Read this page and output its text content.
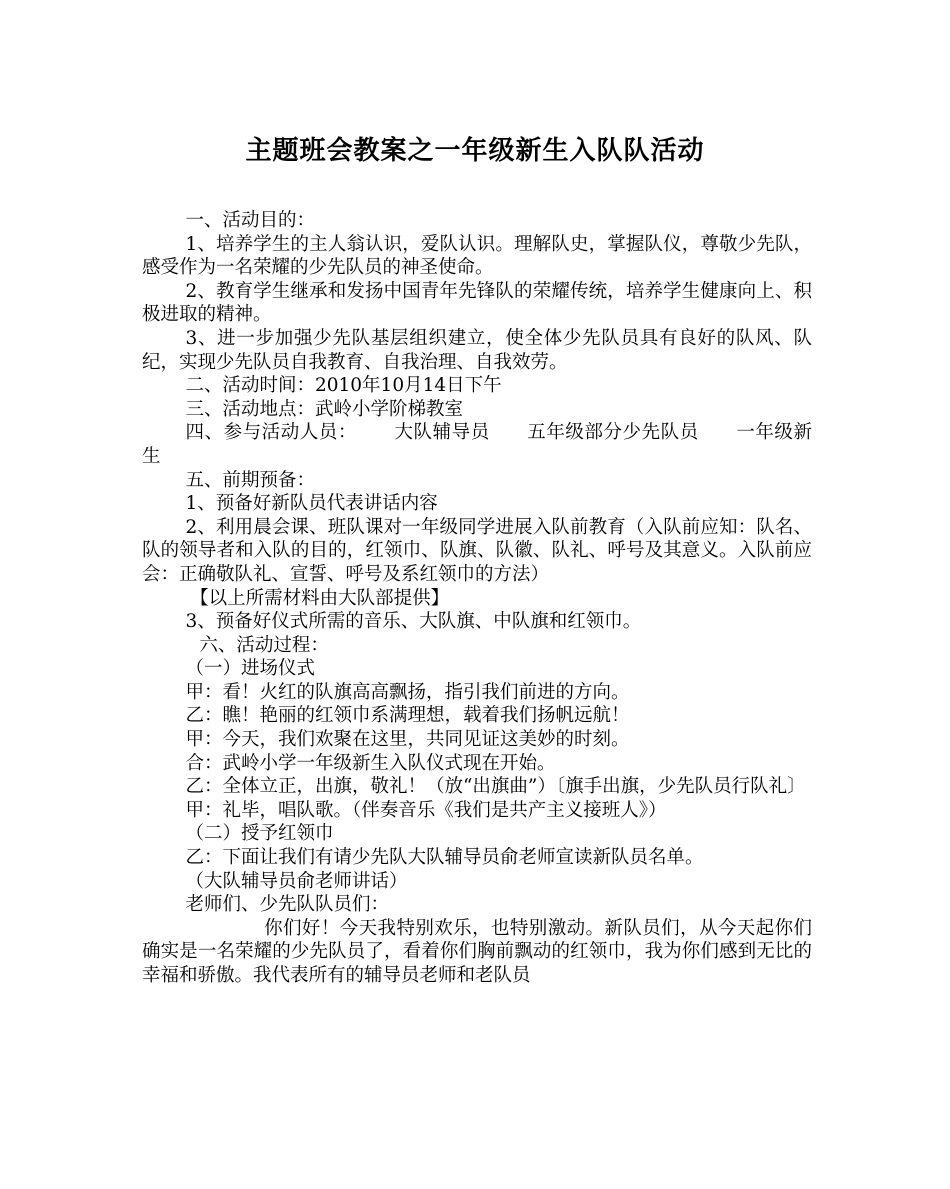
主题班会教案之一年级新生入队队活动

一、活动目的：

1、培养学生的主人翁认识，爱队认识。理解队史，掌握队仪，尊敬少先队，感受作为一名荣耀的少先队员的神圣使命。

2、教育学生继承和发扬中国青年先锋队的荣耀传统，培养学生健康向上、积极进取的精神。

3、进一步加强少先队基层组织建立，使全体少先队员具有良好的队风、队纪，实现少先队员自我教育、自我治理、自我效劳。

二、活动时间：2010年10月14日下午

三、活动地点：武岭小学阶梯教室

四、参与活动人员： 大队辅导员 五年级部分少先队员 一年级新生

五、前期预备：

1、预备好新队员代表讲话内容

2、利用晨会课、班队课对一年级同学进展入队前教育（入队前应知：队名、队的领导者和入队的目的，红领巾、队旗、队徽、队礼、呼号及其意义。入队前应会：正确敬队礼、宣誓、呼号及系红领巾的方法）

【以上所需材料由大队部提供】

3、预备好仪式所需的音乐、大队旗、中队旗和红领巾。

六、活动过程：

（一）进场仪式

甲：看！火红的队旗高高飘扬，指引我们前进的方向。

乙：瞧！艳丽的红领巾系满理想，载着我们扬帆远航！

甲：今天，我们欢聚在这里，共同见证这美妙的时刻。

合：武岭小学一年级新生入队仪式现在开始。

乙：全体立正，出旗，敬礼！（放“出旗曲”）〔旗手出旗，少先队员行队礼〕

甲：礼毕，唱队歌。（伴奏音乐《我们是共产主义接班人》）

（二）授予红领巾

乙：下面让我们有请少先队大队辅导员俞老师宣读新队员名单。

（大队辅导员俞老师讲话）

老师们、少先队队员们：

你们好！今天我特别欢乐，也特别激动。新队员们，从今天起你们确实是一名荣耀的少先队员了，看着你们胸前飘动的红领巾，我为你们感到无比的幸福和骄傲。我代表所有的辅导员老师和老队员
